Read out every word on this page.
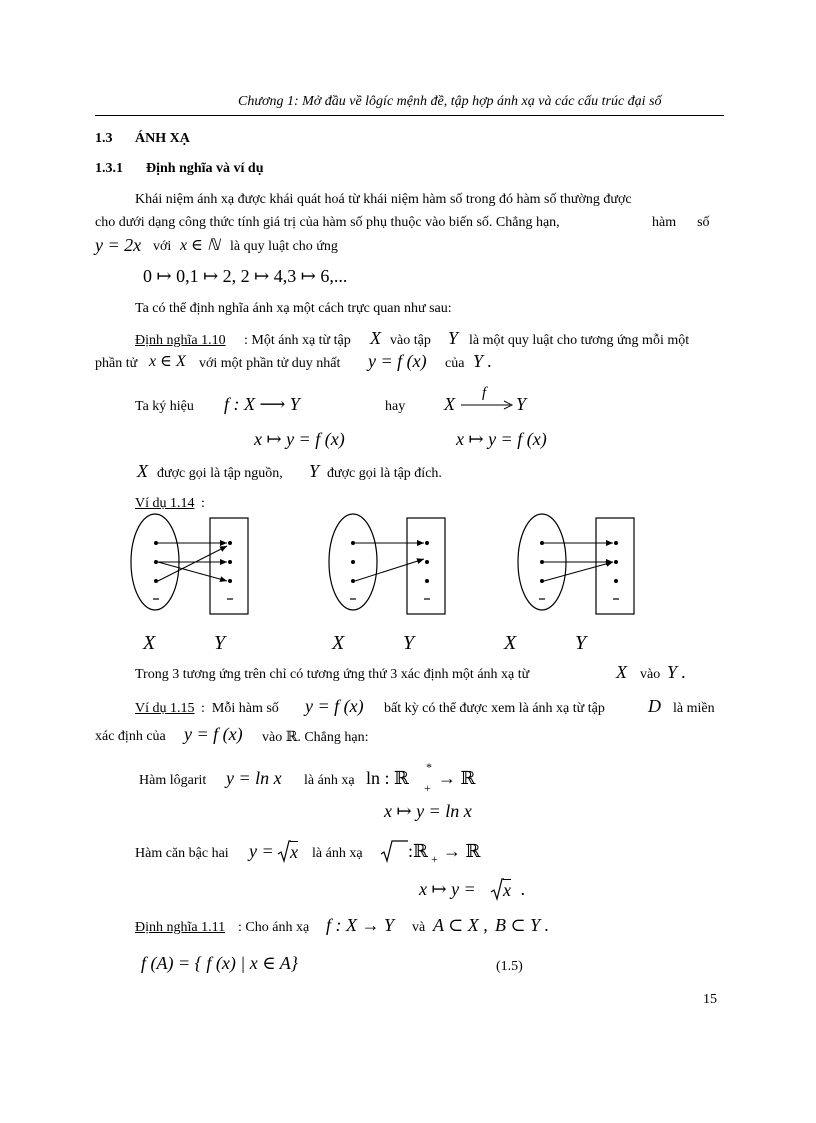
Chương 1: Mở đầu về lôgíc mệnh đề, tập hợp ánh xạ và các cấu trúc đại số
1.3 ÁNH XẠ
1.3.1 Định nghĩa và ví dụ
Khái niệm ánh xạ được khái quát hoá từ khái niệm hàm số trong đó hàm số thường được
cho dưới dạng công thức tính giá trị của hàm số phụ thuộc vào biến số. Chẳng hạn,	hàm      số
y = 2x với x ∈ ℕ là quy luật cho ứng
0 ↦ 0,1 ↦ 2, 2 ↦ 4,3 ↦ 6,...
Ta có thể định nghĩa ánh xạ một cách trực quan như sau:
Định nghĩa 1.10 : Một ánh xạ từ tập X vào tập Y là một quy luật cho tương ứng mỗi một
phần tử x ∈ X với một phần tử duy nhất y = f (x) của Y .
Ta ký hiệu f : X ⟶ Y	hay X
f
Y
x ↦ y = f (x)	x ↦ y = f (x)
X được gọi là tập nguồn, Y được gọi là tập đích.
Ví dụ 1.14 :
X	Y	X	Y	X	Y
Trong 3 tương ứng trên chỉ có tương ứng thứ 3 xác định một ánh xạ từ	X vào Y .
Ví dụ 1.15 :  Mỗi hàm số y = f (x) bất kỳ có thể được xem là ánh xạ từ tập D là miền
xác định của y = f (x) vào ℝ. Chẳng hạn:
Hàm lôgarit y = ln x là ánh xạ ln : ℝ
*
+ → ℝ
x ↦ y = ln x
Hàm căn bậc hai y = x là ánh xạ	:ℝ + → ℝ
x ↦ y = x .
Định nghĩa 1.11 : Cho ánh xạ f : X → Y và A ⊂ X , B ⊂ Y .
f (A) = { f (x) | x ∈ A}	(1.5)
15
